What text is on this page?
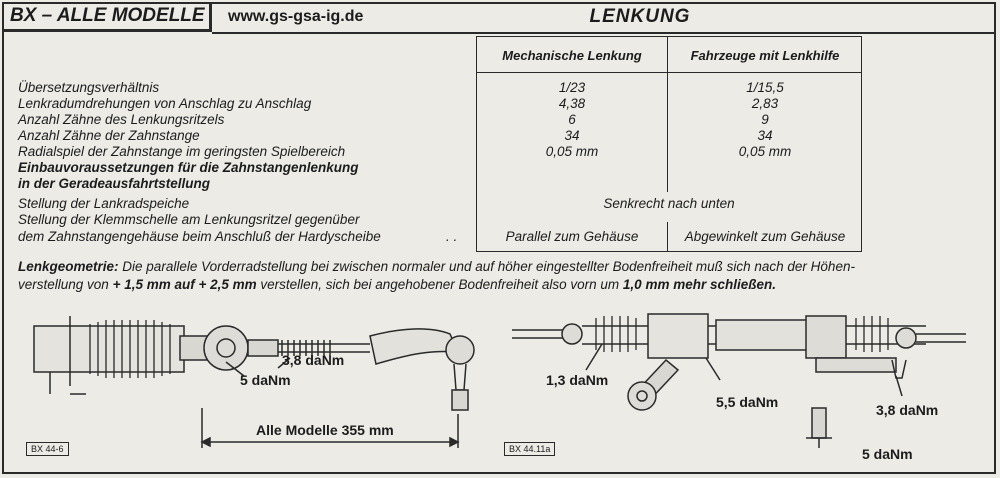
BX – ALLE MODELLE	www.gs-gsa-ig.de	LENKUNG
Mechanische Lenkung	Fahrzeuge mit Lenkhilfe
Übersetzungsverhältnis	1/23	1/15,5
Lenkradumdrehungen von Anschlag zu Anschlag	4,38	2,83
Anzahl Zähne des Lenkungsritzels	6	9
Anzahl Zähne der Zahnstange	34	34
Radialspiel der Zahnstange im geringsten Spielbereich	0,05 mm	0,05 mm
Einbauvoraussetzungen für die Zahnstangenlenkung
in der Geradeausfahrtstellung
Stellung der Lankradspeiche	Senkrecht nach unten
Stellung der Klemmschelle am Lenkungsritzel gegenüber
dem Zahnstangengehäuse beim Anschluß der Hardyscheibe	. .	Parallel zum Gehäuse	Abgewinkelt zum Gehäuse
Lenkgeometrie: Die parallele Vorderradstellung bei zwischen normaler und auf höher eingestellter Bodenfreiheit muß sich nach der Höhen-
verstellung von + 1,5 mm auf + 2,5 mm verstellen, sich bei angehobener Bodenfreiheit also vorn um 1,0 mm mehr schließen.
5 daNm
3,8 daNm
Alle Modelle 355 mm
BX 44-6
1,3 daNm
5,5 daNm	3,8 daNm
5 daNm
BX 44.11a
